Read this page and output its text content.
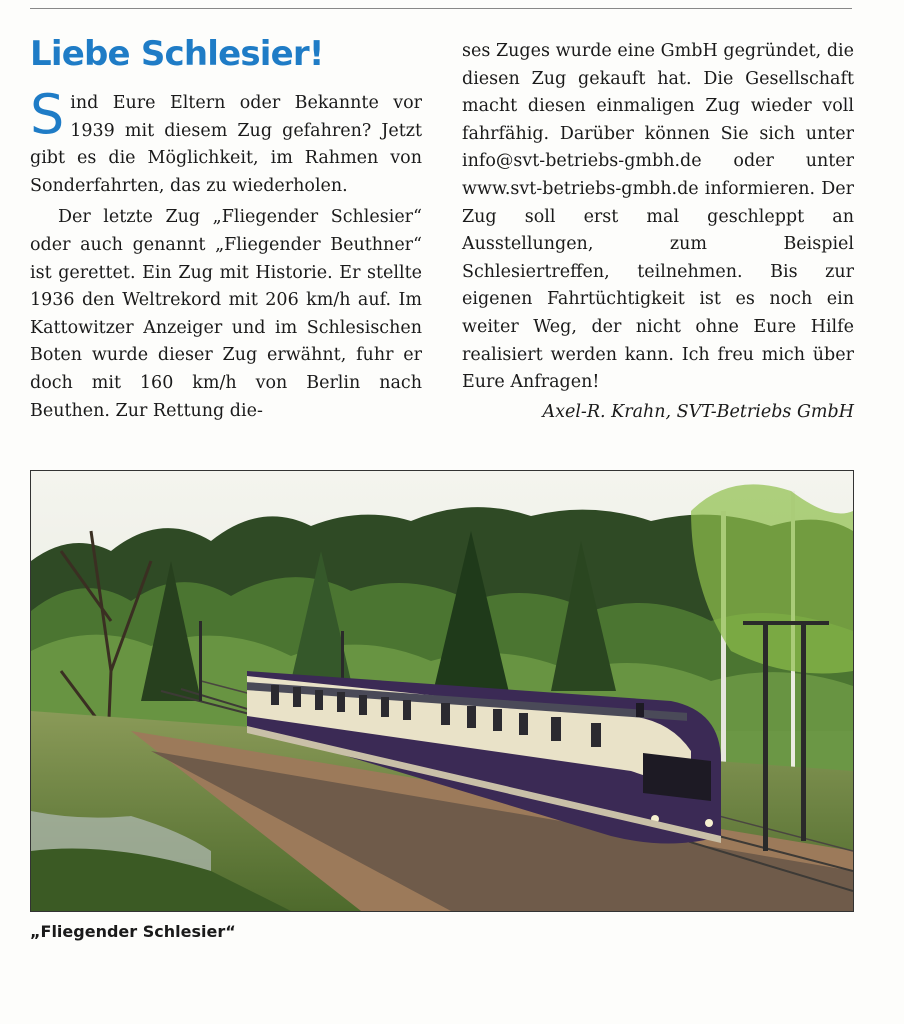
Liebe Schlesier!

Sind Eure Eltern oder Bekannte vor 1939 mit diesem Zug gefahren? Jetzt gibt es die Möglichkeit, im Rahmen von Sonderfahrten, das zu wiederholen.

Der letzte Zug „Fliegender Schlesier“ oder auch genannt „Fliegender Beuthner“ ist gerettet. Ein Zug mit Historie. Er stellte 1936 den Weltrekord mit 206 km/h auf. Im Kattowitzer Anzeiger und im Schlesischen Boten wurde dieser Zug erwähnt, fuhr er doch mit 160 km/h von Berlin nach Beuthen. Zur Rettung die-

ses Zuges wurde eine GmbH gegründet, die diesen Zug gekauft hat. Die Gesellschaft macht diesen einmaligen Zug wieder voll fahrfähig. Darüber können Sie sich unter info@svt-betriebs-gmbh.de oder unter www.svt-betriebs-gmbh.de informieren. Der Zug soll erst mal geschleppt an Ausstellungen, zum Beispiel Schlesiertreffen, teilnehmen. Bis zur eigenen Fahrtüchtigkeit ist es noch ein weiter Weg, der nicht ohne Eure Hilfe realisiert werden kann. Ich freu mich über Eure Anfragen!

Axel-R. Krahn, SVT-Betriebs GmbH

„Fliegender Schlesier“
